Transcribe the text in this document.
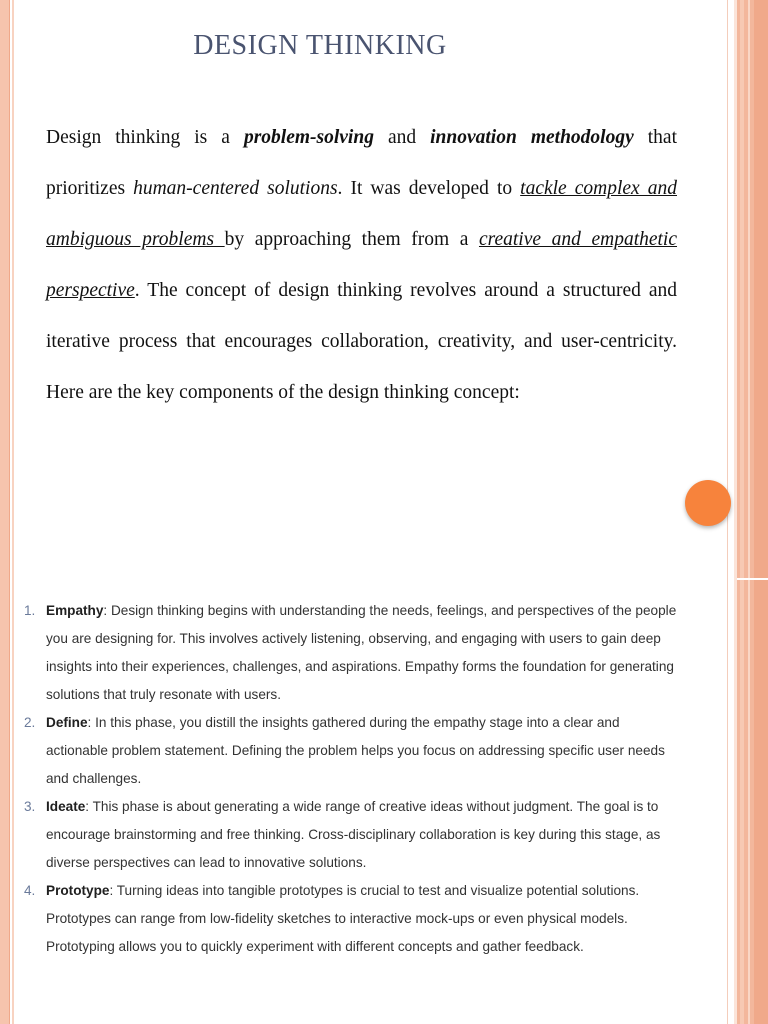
DESIGN THINKING

Design thinking is a problem-solving and innovation methodology that prioritizes human-centered solutions. It was developed to tackle complex and ambiguous problems by approaching them from a creative and empathetic perspective. The concept of design thinking revolves around a structured and iterative process that encourages collaboration, creativity, and user-centricity. Here are the key components of the design thinking concept:

1. Empathy: Design thinking begins with understanding the needs, feelings, and perspectives of the people you are designing for. This involves actively listening, observing, and engaging with users to gain deep insights into their experiences, challenges, and aspirations. Empathy forms the foundation for generating solutions that truly resonate with users.
2. Define: In this phase, you distill the insights gathered during the empathy stage into a clear and actionable problem statement. Defining the problem helps you focus on addressing specific user needs and challenges.
3. Ideate: This phase is about generating a wide range of creative ideas without judgment. The goal is to encourage brainstorming and free thinking. Cross-disciplinary collaboration is key during this stage, as diverse perspectives can lead to innovative solutions.
4. Prototype: Turning ideas into tangible prototypes is crucial to test and visualize potential solutions. Prototypes can range from low-fidelity sketches to interactive mock-ups or even physical models. Prototyping allows you to quickly experiment with different concepts and gather feedback.
